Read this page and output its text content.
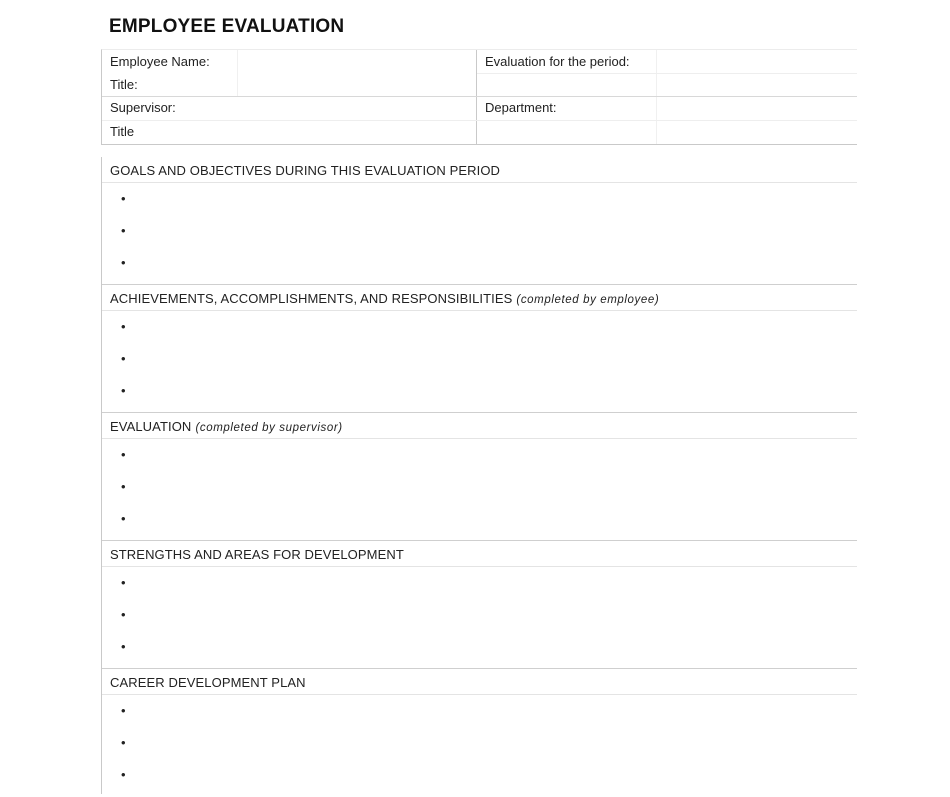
EMPLOYEE EVALUATION
Employee Name:
Title:
Supervisor:
Title
Evaluation for the period:
Department:
GOALS AND OBJECTIVES DURING THIS EVALUATION PERIOD
•
•
•
ACHIEVEMENTS, ACCOMPLISHMENTS, AND RESPONSIBILITIES (completed by employee)
•
•
•
EVALUATION (completed by supervisor)
•
•
•
STRENGTHS AND AREAS FOR DEVELOPMENT
•
•
•
CAREER DEVELOPMENT PLAN
•
•
•
